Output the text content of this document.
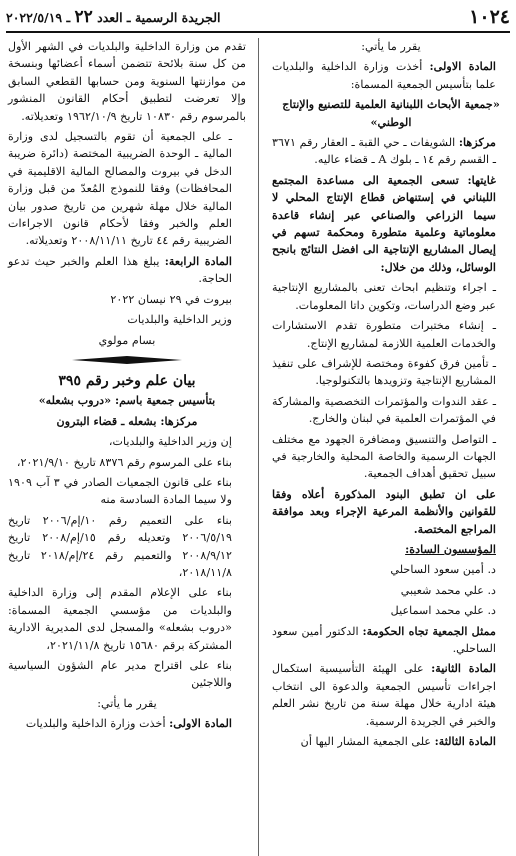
الجريدة الرسمية ـ العدد ٢٢ ـ ٢٠٢٢/٥/١٩	١٠٢٤

يقرر ما يأتي:

المادة الاولى: أخذت وزارة الداخلية والبلديات علما بتأسيس الجمعية المسماة:

«جمعية الأبحاث اللبنانية العلمية للتصنيع والإنتاج الوطني»

مركزها: الشويفات ـ حي القبة ـ العقار رقم ٣٦٧١ ـ القسم رقم ١٤ ـ بلوك A ـ قضاء عاليه.

غايتها: تسعى الجمعية الى مساعدة المجتمع اللبناني في إستنهاض قطاع الإنتاج المحلي لا سيما الزراعي والصناعي عبر إنشاء قاعدة معلوماتية وعلمية متطورة ومحكمة تسهم في إيصال المشاريع الإنتاجية الى افضل النتائج بانجح الوسائل، وذلك من خلال:

ـ اجراء وتنظيم ابحاث تعنى بالمشاريع الإنتاجية عبر وضع الدراسات، وتكوين داتا المعلومات.

ـ إنشاء مختبرات متطورة تقدم الاستشارات والخدمات العلمية اللازمة لمشاريع الإنتاج.

ـ تأمين فرق كفوءة ومختصة للإشراف على تنفيذ المشاريع الإنتاجية وتزويدها بالتكنولوجيا.

ـ عقد الندوات والمؤتمرات التخصصية والمشاركة في المؤتمرات العلمية في لبنان والخارج.

ـ التواصل والتنسيق ومضافرة الجهود مع مختلف الجهات الرسمية والخاصة المحلية والخارجية في سبيل تحقيق أهداف الجمعية.

على ان تطبق البنود المذكورة أعلاه وفقا للقوانين والأنظمة المرعية الإجراء وبعد موافقة المراجع المختصة.

المؤسسون السادة:

د. أمين سعود الساحلي

د. علي محمد شعيبي

د. علي محمد اسماعيل

ممثل الجمعية تجاه الحكومة: الدكتور أمين سعود الساحلي.

المادة الثانية: على الهيئة التأسيسية استكمال اجراءات تأسيس الجمعية والدعوة الى انتخاب هيئة ادارية خلال مهلة سنة من تاريخ نشر العلم والخبر في الجريدة الرسمية.

المادة الثالثة: على الجمعية المشار اليها أن

تقدم من وزارة الداخلية والبلديات في الشهر الأول من كل سنة بلائحة تتضمن أسماء أعضائها وبنسخة من موازنتها السنوية ومن حسابها القطعي السابق وإلا تعرضت لتطبيق أحكام القانون المنشور بالمرسوم رقم ١٠٨٣٠ تاريخ ١٩٦٢/١٠/٩ وتعديلاته.

ـ على الجمعية أن تقوم بالتسجيل لدى وزارة المالية ـ الوحدة الضريبية المختصة (دائرة ضريبة الدخل في بيروت والمصالح المالية الاقليمية في المحافظات) وفقا للنموذج المُعدّ من قبل وزارة المالية خلال مهلة شهرين من تاريخ صدور بيان العلم والخبر وفقا لأحكام قانون الاجراءات الضريبية رقم ٤٤ تاريخ ٢٠٠٨/١١/١١ وتعديلاته.

المادة الرابعة: يبلغ هذا العلم والخبر حيث تدعو الحاجة.

بيروت في ٢٩ نيسان ٢٠٢٢

وزير الداخلية والبلديات

بسام مولوي

بيان علم وخبر رقم ٣٩٥

بتأسيس جمعية باسم: «دروب بشعله»

مركزها: بشعله ـ قضاء البترون

إن وزير الداخلية والبلديات،

بناء على المرسوم رقم ٨٣٧٦ تاريخ ٢٠٢١/٩/١٠،

بناء على قانون الجمعيات الصادر في ٣ آب ١٩٠٩ ولا سيما المادة السادسة منه

بناء على التعميم رقم ١٠/إم/٢٠٠٦ تاريخ ٢٠٠٦/٥/١٩ وتعديله رقم ١٥/إم/٢٠٠٨ تاريخ ٢٠٠٨/٩/١٢ والتعميم رقم ٢٤/إم/٢٠١٨ تاريخ ٢٠١٨/١١/٨،

بناء على الإعلام المقدم إلى وزارة الداخلية والبلديات من مؤسسي الجمعية المسماة: «دروب بشعله» والمسجل لدى المديرية الادارية المشتركة برقم ١٥٦٨٠ تاريخ ٢٠٢١/١١/٨،

بناء على اقتراح مدير عام الشؤون السياسية واللاجئين

يقرر ما يأتي:

المادة الاولى: أخذت وزارة الداخلية والبلديات
